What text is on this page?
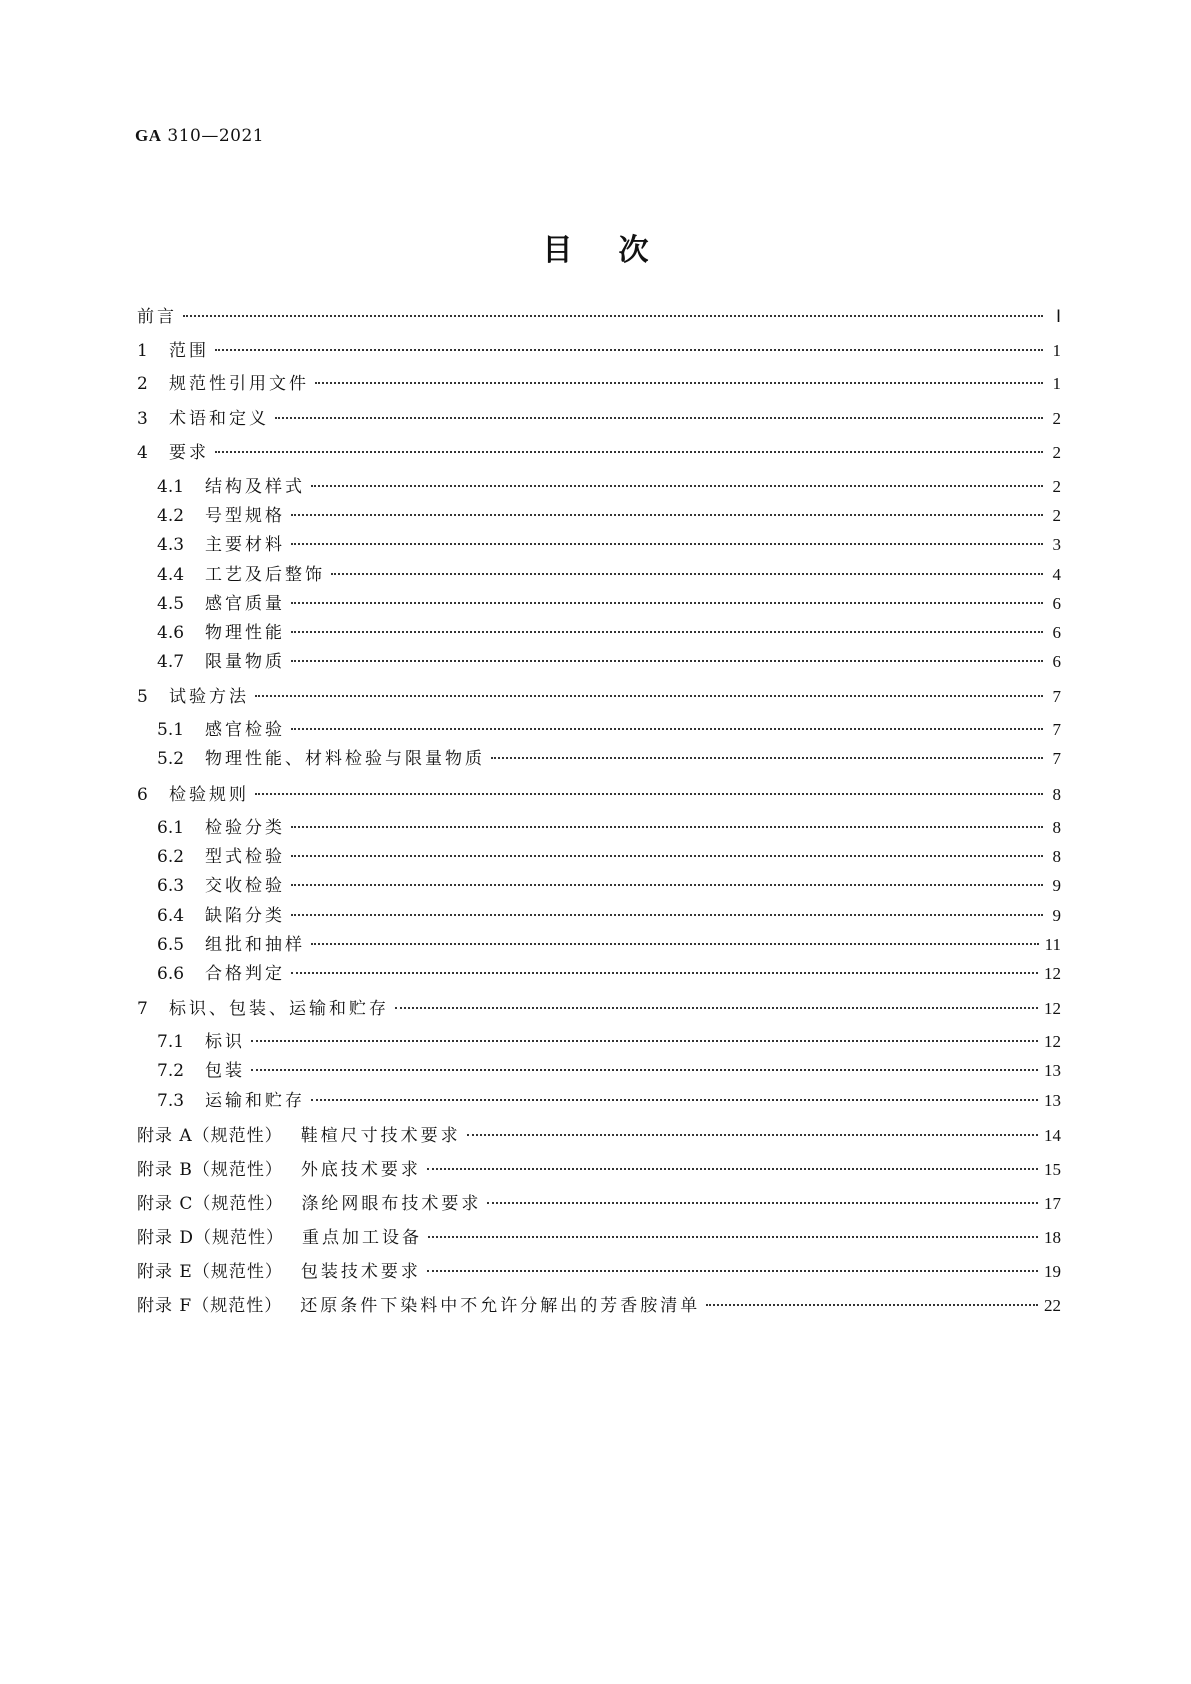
GA 310—2021
目次
前言	Ⅰ
1	范围	1
2	规范性引用文件	1
3	术语和定义	2
4	要求	2
4.1	结构及样式	2
4.2	号型规格	2
4.3	主要材料	3
4.4	工艺及后整饰	4
4.5	感官质量	6
4.6	物理性能	6
4.7	限量物质	6
5	试验方法	7
5.1	感官检验	7
5.2	物理性能、材料检验与限量物质	7
6	检验规则	8
6.1	检验分类	8
6.2	型式检验	8
6.3	交收检验	9
6.4	缺陷分类	9
6.5	组批和抽样	11
6.6	合格判定	12
7	标识、包装、运输和贮存	12
7.1	标识	12
7.2	包装	13
7.3	运输和贮存	13
附录 A（规范性） 鞋楦尺寸技术要求	14
附录 B（规范性） 外底技术要求	15
附录 C（规范性） 涤纶网眼布技术要求	17
附录 D（规范性） 重点加工设备	18
附录 E（规范性） 包装技术要求	19
附录 F（规范性） 还原条件下染料中不允许分解出的芳香胺清单	22
